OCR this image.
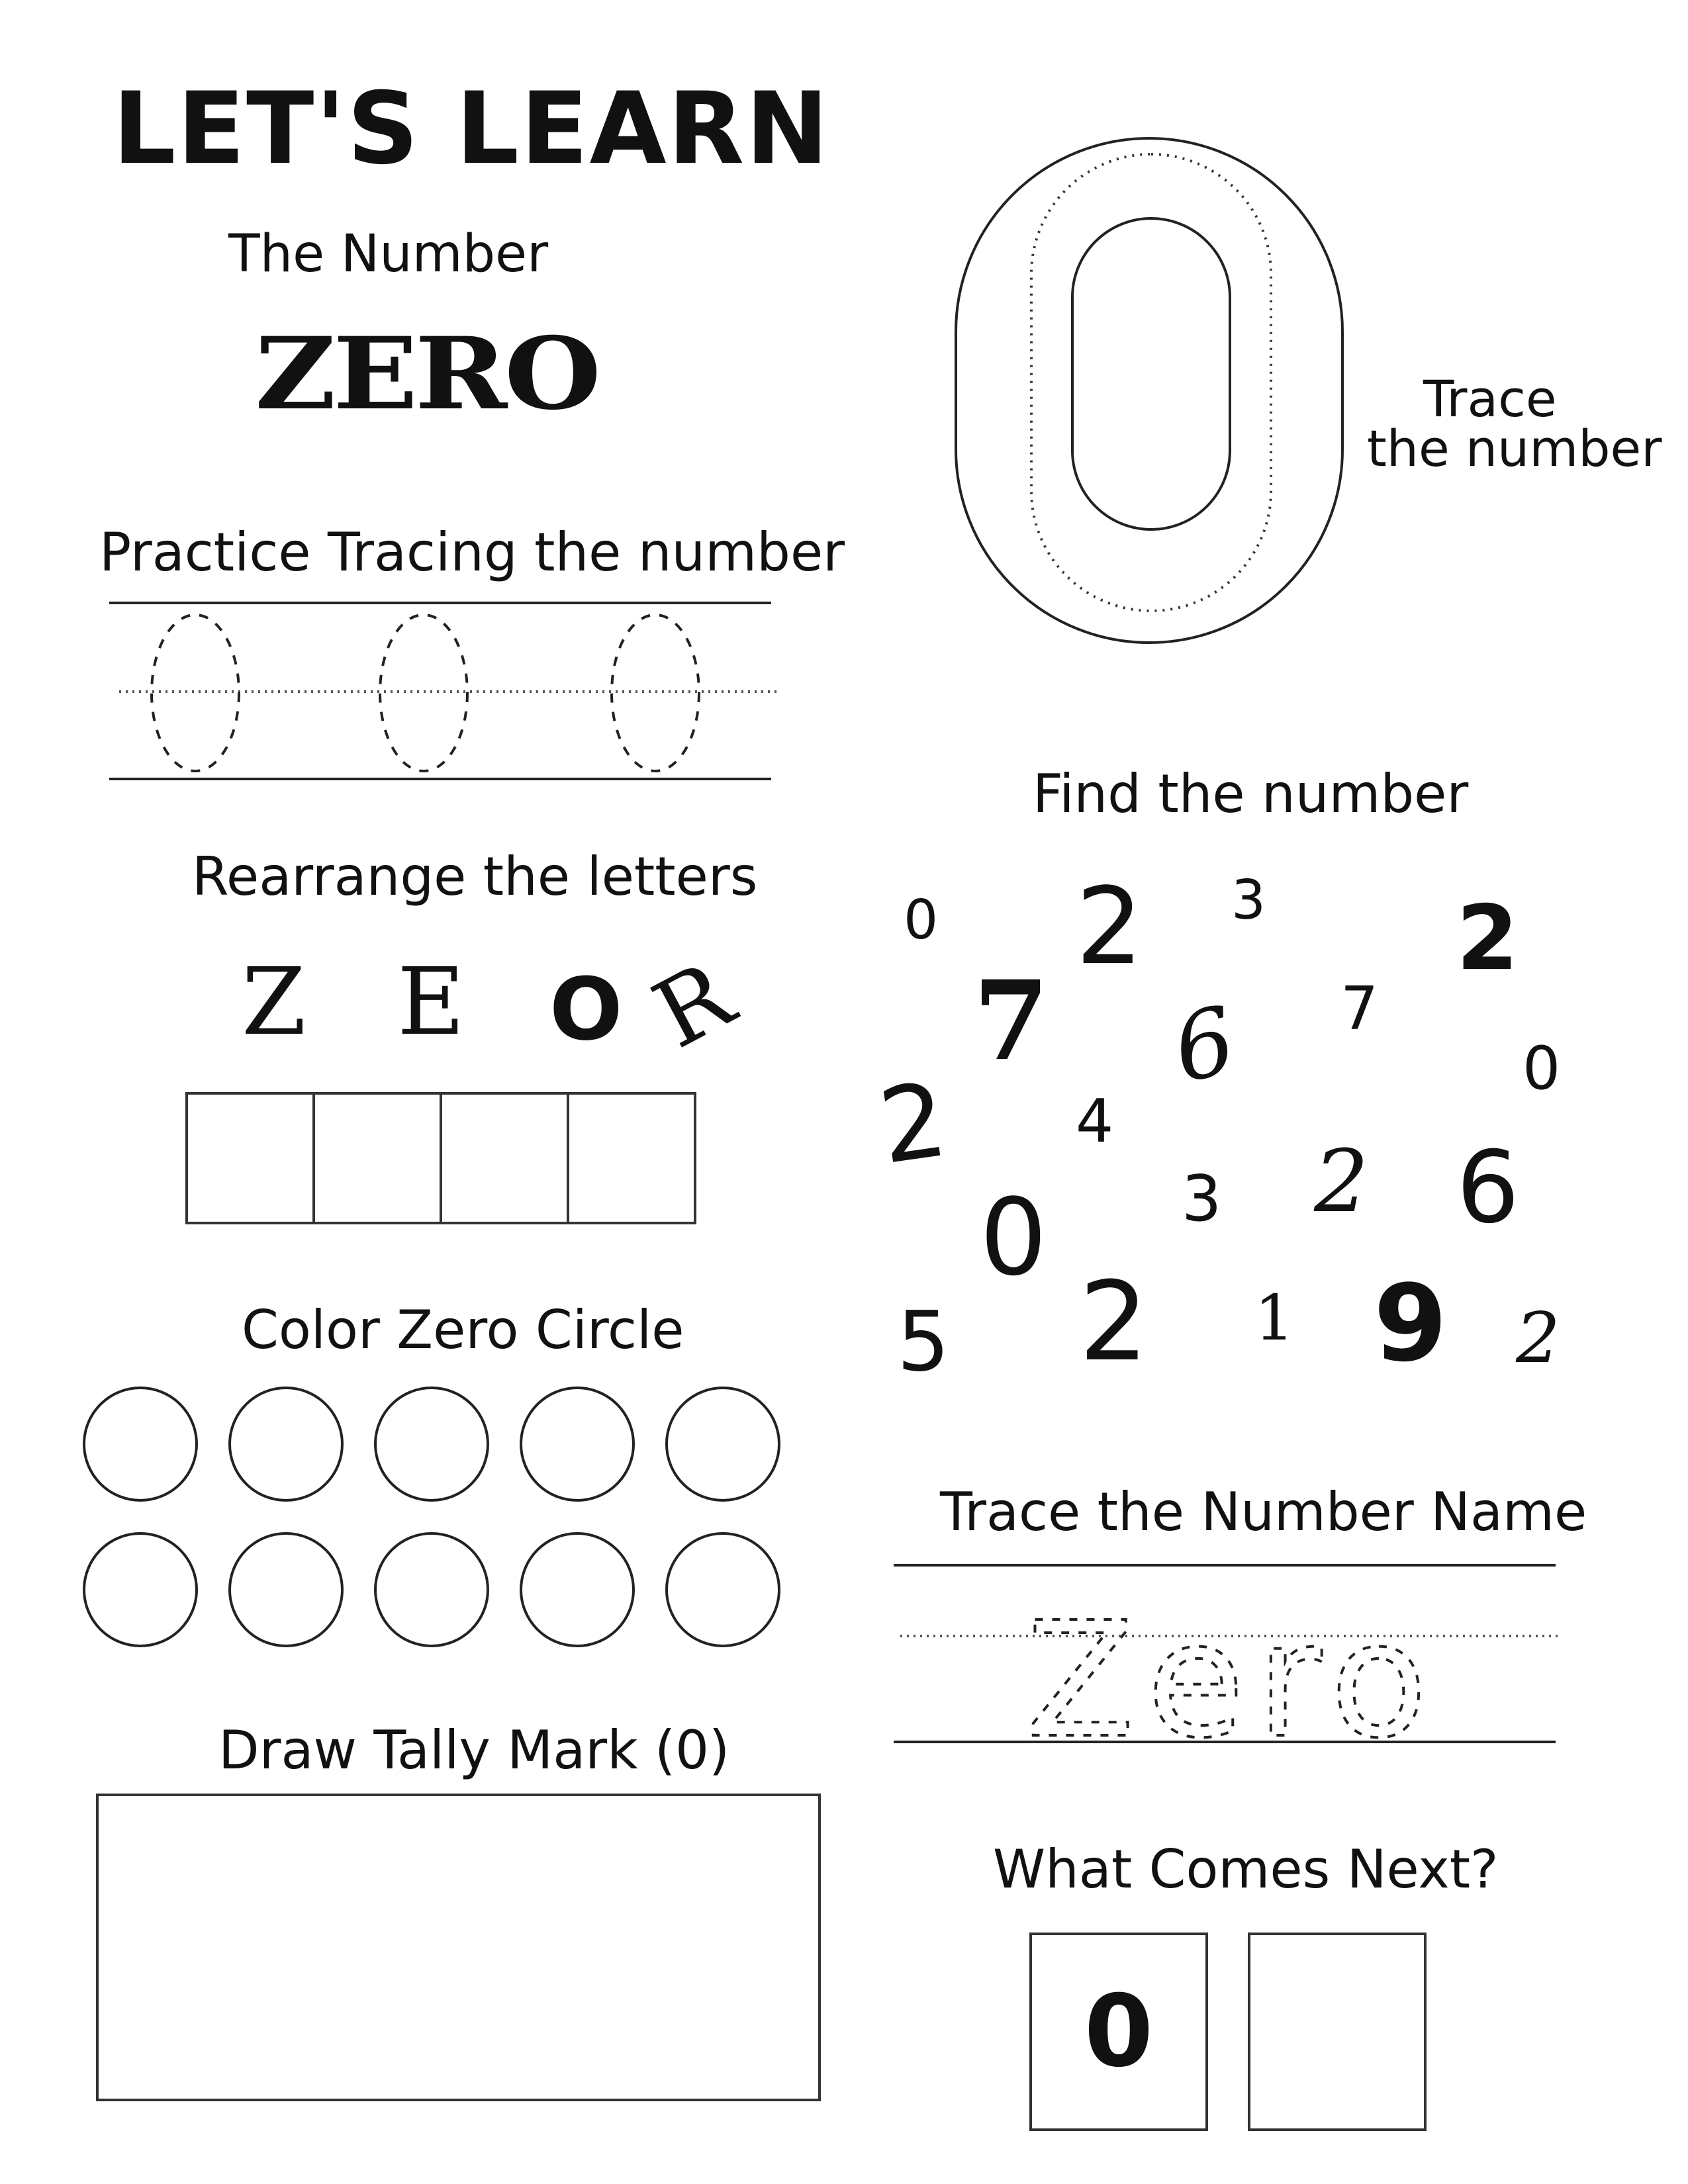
LET'S LEARN
The Number
ZERO	Trace
the number
Practice Tracing the number
Rearrange the letters
Z E O R
Color Zero Circle
Draw Tally Mark (0)
Find the number
0 2 3 2
7	7
6	0
2 4
3 2 6
0
5 2 1 9 2
Trace the Number Name
Zero
What Comes Next?
0
